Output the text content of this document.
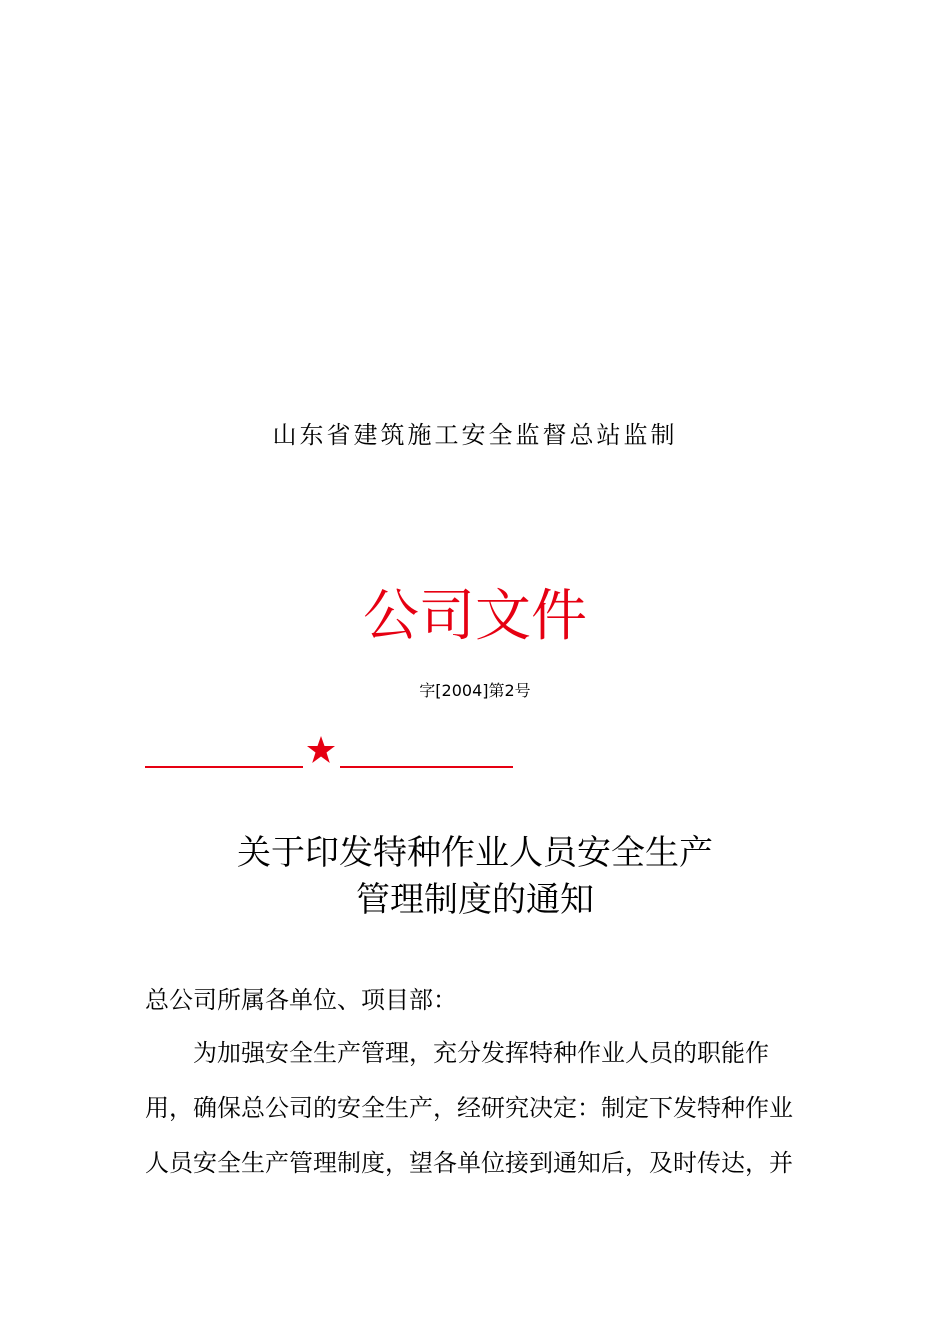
山东省建筑施工安全监督总站监制
公司文件
字[2004]第2号
关于印发特种作业人员安全生产
管理制度的通知
总公司所属各单位、项目部：
为加强安全生产管理，充分发挥特种作业人员的职能作
用，确保总公司的安全生产，经研究决定：制定下发特种作业
人员安全生产管理制度，望各单位接到通知后，及时传达，并
